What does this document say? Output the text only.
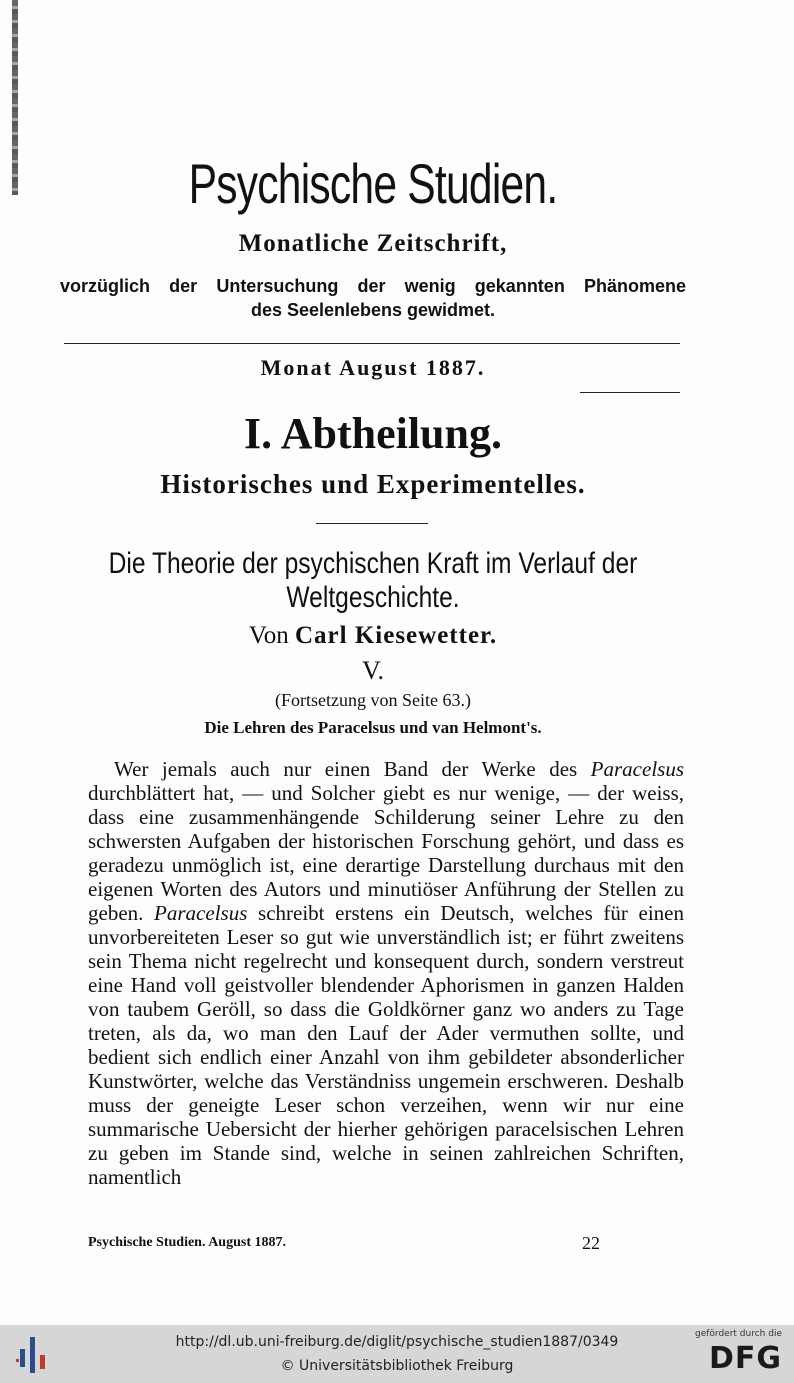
Psychische Studien.
Monatliche Zeitschrift,
vorzüglich der Untersuchung der wenig gekannten Phänomene
des Seelenlebens gewidmet.
Monat August 1887.
I. Abtheilung.
Historisches und Experimentelles.
Die Theorie der psychischen Kraft im Verlauf der
Weltgeschichte.
Von Carl Kiesewetter.
V.
(Fortsetzung von Seite 63.)
Die Lehren des Paracelsus und van Helmont's.

Wer jemals auch nur einen Band der Werke des Paracelsus durchblättert hat, — und Solcher giebt es nur wenige, — der weiss, dass eine zusammenhängende Schilderung seiner Lehre zu den schwersten Aufgaben der historischen Forschung gehört, und dass es geradezu unmöglich ist, eine derartige Darstellung durchaus mit den eigenen Worten des Autors und minutiöser Anführung der Stellen zu geben. Paracelsus schreibt erstens ein Deutsch, welches für einen unvorbereiteten Leser so gut wie unverständlich ist; er führt zweitens sein Thema nicht regelrecht und konsequent durch, sondern verstreut eine Hand voll geistvoller blendender Aphorismen in ganzen Halden von taubem Geröll, so dass die Goldkörner ganz wo anders zu Tage treten, als da, wo man den Lauf der Ader vermuthen sollte, und bedient sich endlich einer Anzahl von ihm gebildeter absonderlicher Kunstwörter, welche das Verständniss ungemein erschweren. Deshalb muss der geneigte Leser schon verzeihen, wenn wir nur eine summarische Uebersicht der hierher gehörigen paracelsischen Lehren zu geben im Stande sind, welche in seinen zahlreichen Schriften, namentlich

Psychische Studien. August 1887.	22
http://dl.ub.uni-freiburg.de/diglit/psychische_studien1887/0349
© Universitätsbibliothek Freiburg
gefördert durch die
DFG
